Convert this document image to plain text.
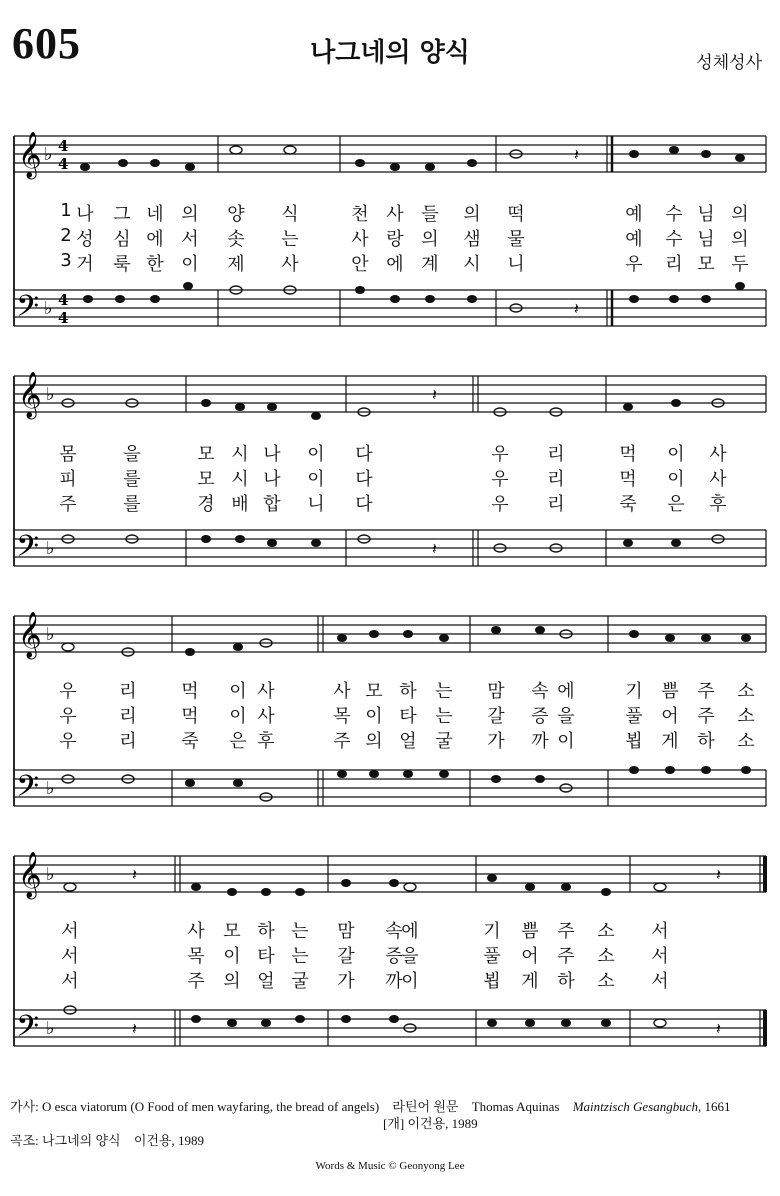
605	나그네의 양식	성체성사
𝄞
𝄢
♭
♭
4
4
4
4
𝄽
𝄽

1 나 그 네 의 양 식	천 사 들 의 떡	예 수 님 의

2 성 심 에 서 솟 는	사 랑 의 샘 물	예 수 님 의

3 거 룩 한 이 제 사	안 에 계 시 니	우 리 모 두

𝄞
𝄢
♭
♭
𝄽
𝄽

몸	을	모 시 나 이 다	우 리	먹 이 사

피	를	모 시 나 이 다	우 리	먹 이 사

주	를	경 배 합 니 다	우 리	죽 은 후

𝄞
𝄢
♭
♭

우 리 먹 이 사	사 모 하 는 맘 속 에	기 쁨 주 소

우 리 먹 이 사	목 이 타 는 갈 증 을	풀 어 주 소

우 리 죽 은 후	주 의 얼 굴 가 까 이	뵙 게 하 소

𝄞
𝄢
♭
♭
𝄽
𝄽
𝄽
𝄽

서	사 모 하 는 맘 속
에	기 쁨 주 소 서

서	목 이 타 는 갈 증
을	풀 어 주 소 서

서	주 의 얼 굴 가 까
이	뵙 게 하 소 서

가사: O esca viatorum (O Food of men wayfaring, the bread of angels) 라틴어 원문 Thomas Aquinas Maintzisch Gesangbuch, 1661
[개] 이건용, 1989
곡조: 나그네의 양식 이건용, 1989
Words & Music © Geonyong Lee
